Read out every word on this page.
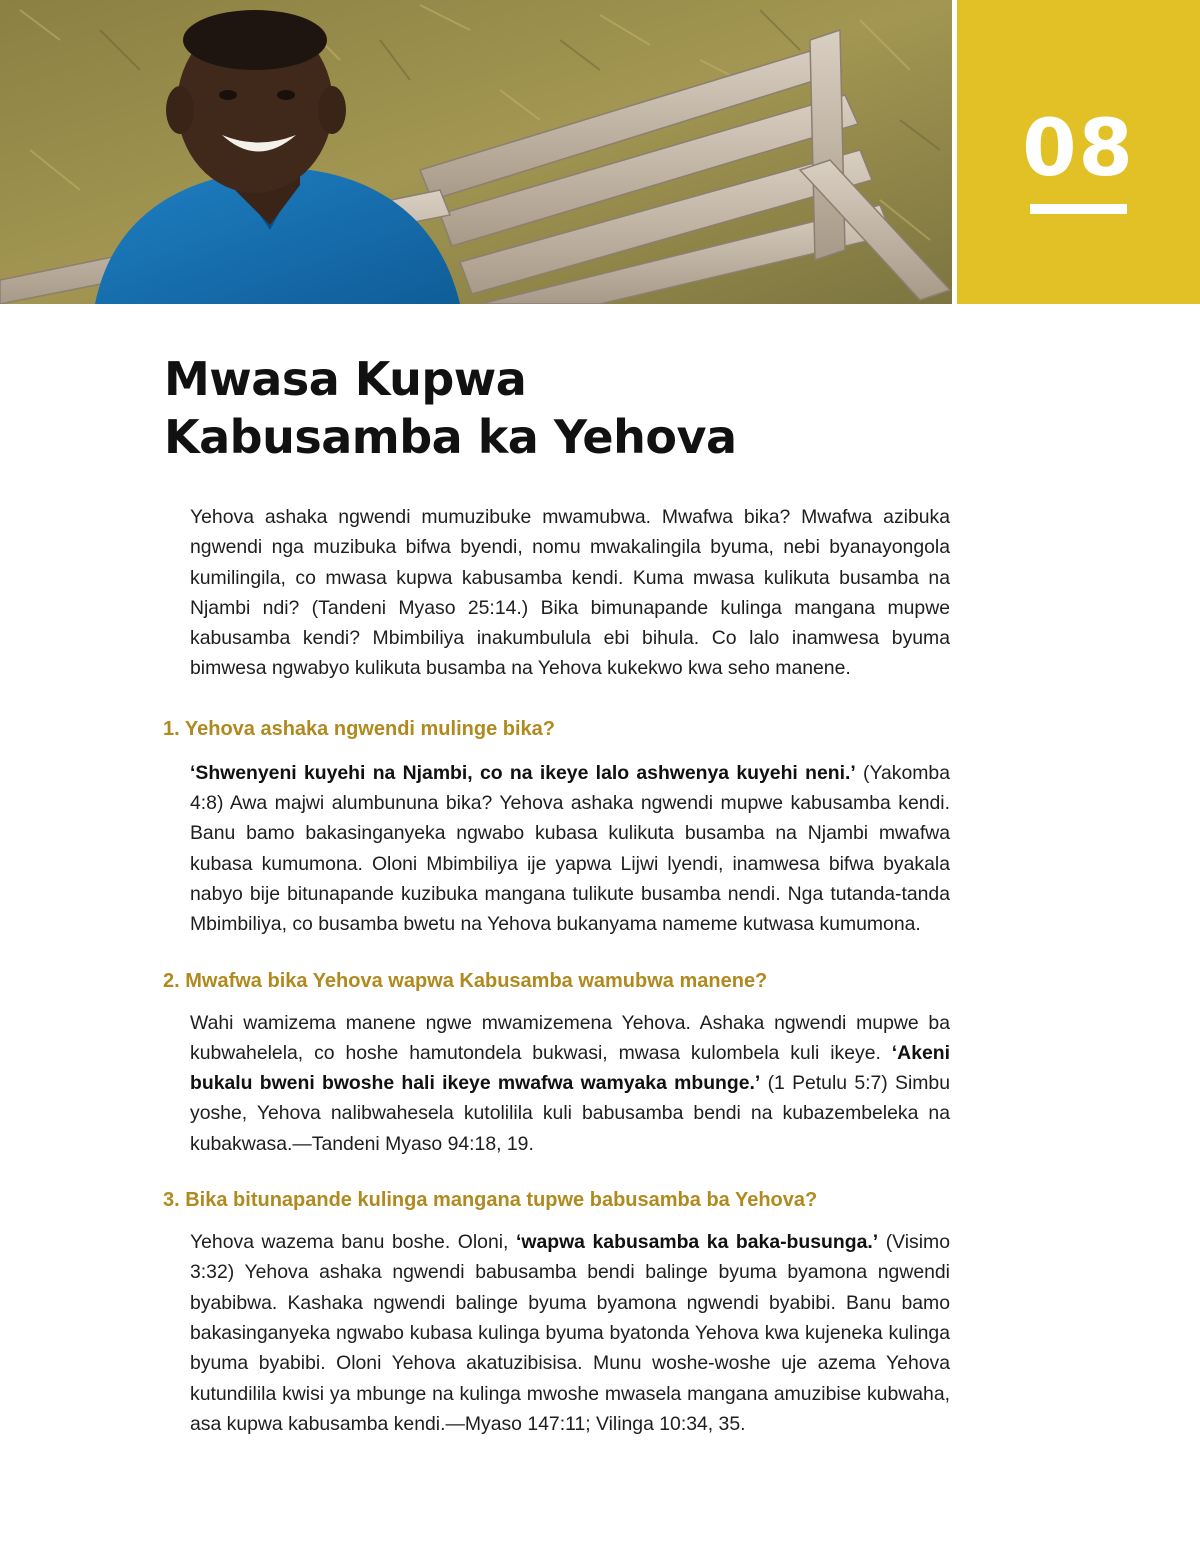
08
Mwasa Kupwa
Kabusamba ka Yehova

Yehova ashaka ngwendi mumuzibuke mwamubwa. Mwafwa bika? Mwafwa azibuka ngwendi nga muzibuka bifwa byendi, nomu mwakalingila byuma, nebi byanayongola kumilingila, co mwasa kupwa kabusamba kendi. Kuma mwasa kulikuta busamba na Njambi ndi? (Tandeni Myaso 25:14.) Bika bimunapande kulinga mangana mupwe kabusamba kendi? Mbimbiliya inakumbulula ebi bihula. Co lalo inamwesa byuma bimwesa ngwabyo kulikuta busamba na Yehova kukekwo kwa seho manene.

1. Yehova ashaka ngwendi mulinge bika?

‘Shwenyeni kuyehi na Njambi, co na ikeye lalo ashwenya kuyehi neni.’ (Yakomba 4:8) Awa majwi alumbununa bika? Yehova ashaka ngwendi mupwe kabusamba kendi. Banu bamo bakasinganyeka ngwabo kubasa kulikuta busamba na Njambi mwafwa kubasa kumumona. Oloni Mbimbiliya ije yapwa Lijwi lyendi, inamwesa bifwa byakala nabyo bije bitunapande kuzibuka mangana tulikute busamba nendi. Nga tutanda-tanda Mbimbiliya, co busamba bwetu na Yehova bukanyama nameme kutwasa kumumona.

2. Mwafwa bika Yehova wapwa Kabusamba wamubwa manene?

Wahi wamizema manene ngwe mwamizemena Yehova. Ashaka ngwendi mupwe ba kubwahelela, co hoshe hamutondela bukwasi, mwasa kulombela kuli ikeye. ‘Akeni bukalu bweni bwoshe hali ikeye mwafwa wamyaka mbunge.’ (1 Petulu 5:7) Simbu yoshe, Yehova nalibwahesela kutolilila kuli babusamba bendi na kubazembeleka na kubakwasa.—Tandeni Myaso 94:18, 19.

3. Bika bitunapande kulinga mangana tupwe babusamba ba Yehova?

Yehova wazema banu boshe. Oloni, ‘wapwa kabusamba ka baka-busunga.’ (Visimo 3:32) Yehova ashaka ngwendi babusamba bendi balinge byuma byamona ngwendi byabibwa. Kashaka ngwendi balinge byuma byamona ngwendi byabibi. Banu bamo bakasinganyeka ngwabo kubasa kulinga byuma byatonda Yehova kwa kujeneka kulinga byuma byabibi. Oloni Yehova akatuzibisisa. Munu woshe-woshe uje azema Yehova kutundilila kwisi ya mbunge na kulinga mwoshe mwasela mangana amuzibise kubwaha, asa kupwa kabusamba kendi.—Myaso 147:11; Vilinga 10:34, 35.
